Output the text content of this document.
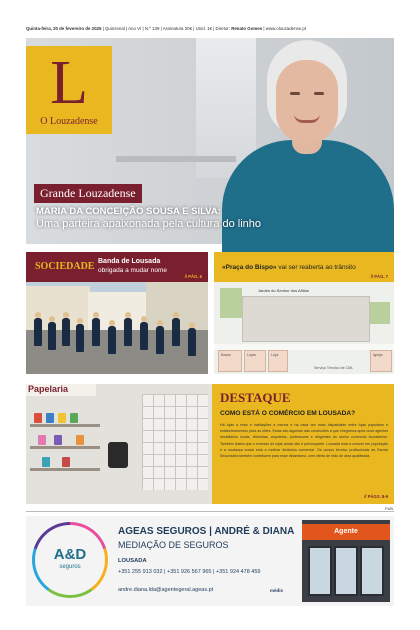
Quinta-feira, 20 de fevereiro de 2025 | Quinzenal | Ano VI | N.º 139 | Assinatura 20€ | Unid. 1€ | Diretor: Renato Gomes | www.olouzadense.pt
L
O Louzadense
Grande Louzadense
MARIA DA CONCEIÇÃO SOUSA E SILVA:
Uma parteira apaixonada pela cultura do linho
SOCIEDADE Banda de Lousada
obrigada a mudar nome
// PÁG. 6
«Praça do Bispo» vai ser reaberta ao trânsito
// PÁG. 7
Jardim do Senhor dos Aflitos
Bazar	Lojas	Loja	Igreja
Serviço Técnico de CML
Papelaria
DESTAQUE
COMO ESTÁ O COMÉRCIO EM LOUSADA?
Há lojas a mais e habitações a menos e há cada vez mais disparidade entre lojas populares e estabelecimentos para as elites. Estas são algumas das conclusões a que chegamos após ouvir agentes imobiliários locais, vitrinistas, arquitetos, professores e dirigentes do sector comercial louzadense. Também ilustra que o excesso de lojas ainda não é preocupante. Lousada está a crescer em população e a mudança social está a motivar dinâmica comercial. Os cursos técnico profissionais da Escola Secundária também contribuem para esse dinamismo, com oferta de mão de obra qualificada.
// PÁGS. 8-9
PUB.
A&D
seguros
AGEAS SEGUROS | ANDRÉ & DIANA
MEDIAÇÃO DE SEGUROS
LOUSADA
+351 255 913 032 | +351 926 567 965 | +351 924 478 459
andre.diana.lda@agentegeral.ageas.pt	médis
Agente
